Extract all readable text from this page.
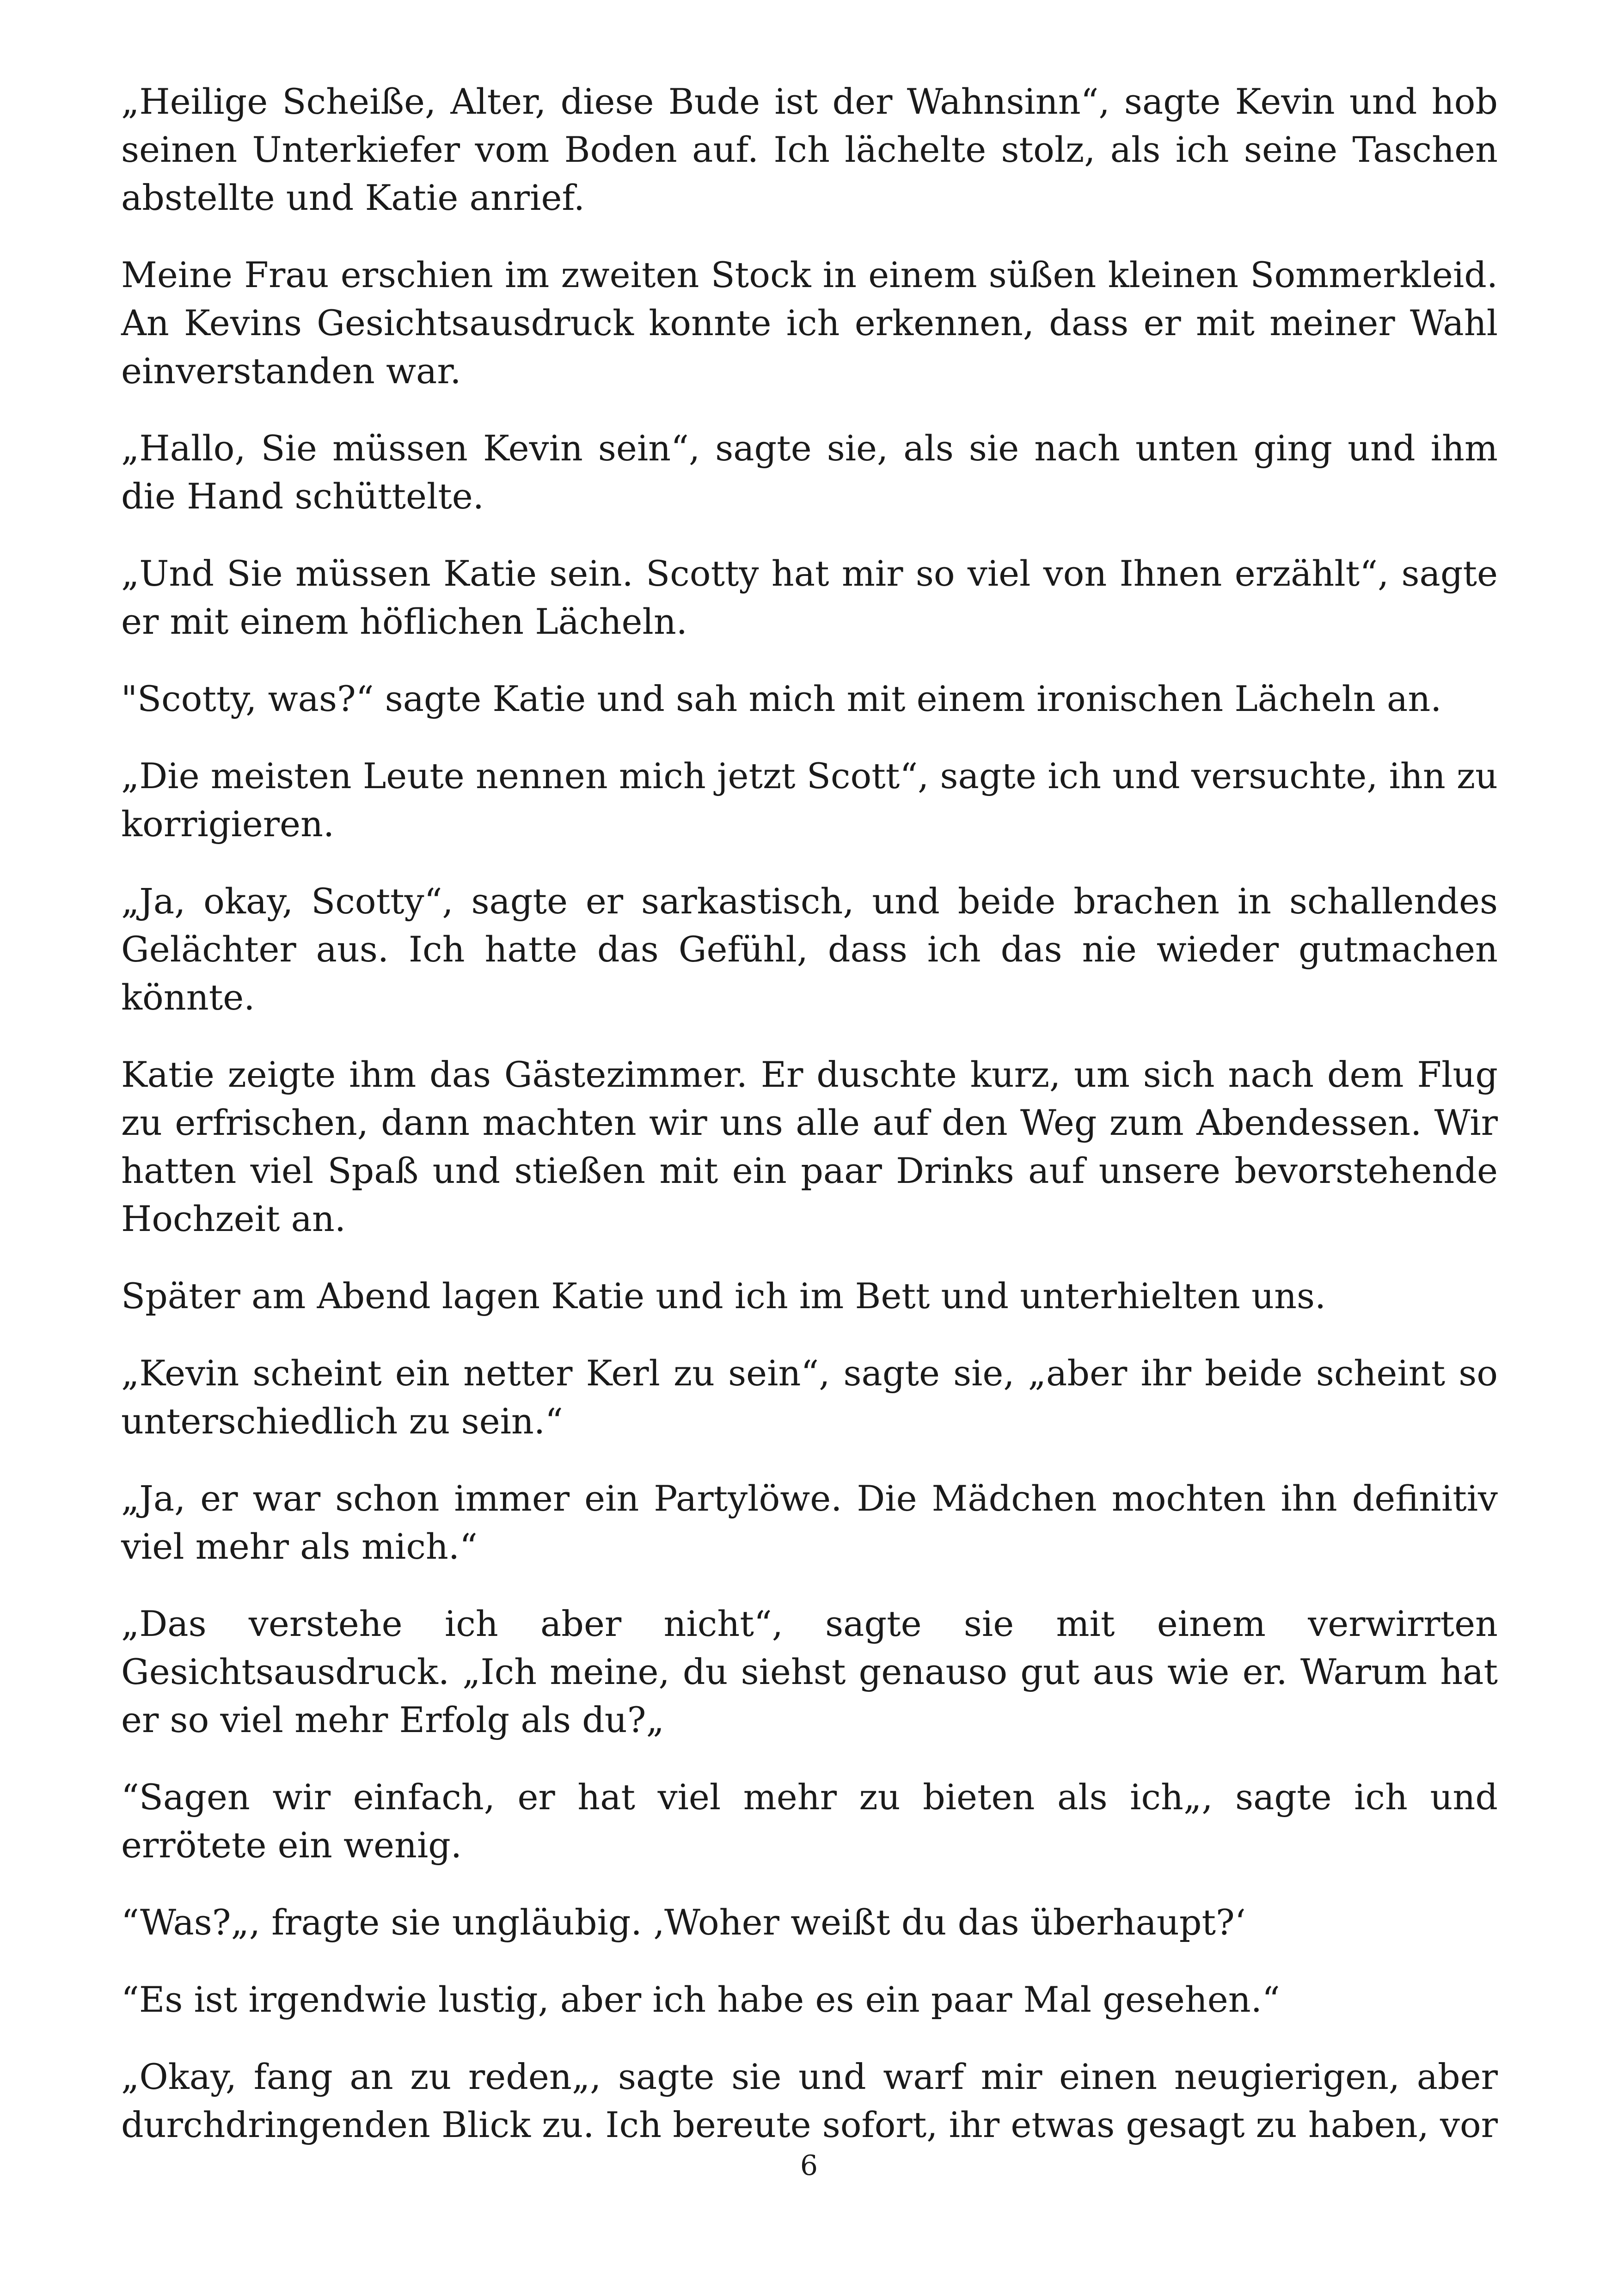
„Heilige Scheiße, Alter, diese Bude ist der Wahnsinn“, sagte Kevin und hob seinen Unterkiefer vom Boden auf. Ich lächelte stolz, als ich seine Taschen abstellte und Katie anrief.

Meine Frau erschien im zweiten Stock in einem süßen kleinen Sommerkleid. An Kevins Gesichtsausdruck konnte ich erkennen, dass er mit meiner Wahl einverstanden war.

„Hallo, Sie müssen Kevin sein“, sagte sie, als sie nach unten ging und ihm die Hand schüttelte.

„Und Sie müssen Katie sein. Scotty hat mir so viel von Ihnen erzählt“, sagte er mit einem höflichen Lächeln.

"Scotty, was?“ sagte Katie und sah mich mit einem ironischen Lächeln an.

„Die meisten Leute nennen mich jetzt Scott“, sagte ich und versuchte, ihn zu korrigieren.

„Ja, okay, Scotty“, sagte er sarkastisch, und beide brachen in schallendes Gelächter aus. Ich hatte das Gefühl, dass ich das nie wieder gutmachen könnte.

Katie zeigte ihm das Gästezimmer. Er duschte kurz, um sich nach dem Flug zu erfrischen, dann machten wir uns alle auf den Weg zum Abendessen. Wir hatten viel Spaß und stießen mit ein paar Drinks auf unsere bevorstehende Hochzeit an.

Später am Abend lagen Katie und ich im Bett und unterhielten uns.

„Kevin scheint ein netter Kerl zu sein“, sagte sie, „aber ihr beide scheint so unterschiedlich zu sein.“

„Ja, er war schon immer ein Partylöwe. Die Mädchen mochten ihn definitiv viel mehr als mich.“

„Das verstehe ich aber nicht“, sagte sie mit einem verwirrten Gesichtsausdruck. „Ich meine, du siehst genauso gut aus wie er. Warum hat er so viel mehr Erfolg als du?„

“Sagen wir einfach, er hat viel mehr zu bieten als ich„, sagte ich und errötete ein wenig.

“Was?„, fragte sie ungläubig. ‚Woher weißt du das überhaupt?‘

“Es ist irgendwie lustig, aber ich habe es ein paar Mal gesehen.“

„Okay, fang an zu reden„, sagte sie und warf mir einen neugierigen, aber durchdringenden Blick zu. Ich bereute sofort, ihr etwas gesagt zu haben, vor

6
